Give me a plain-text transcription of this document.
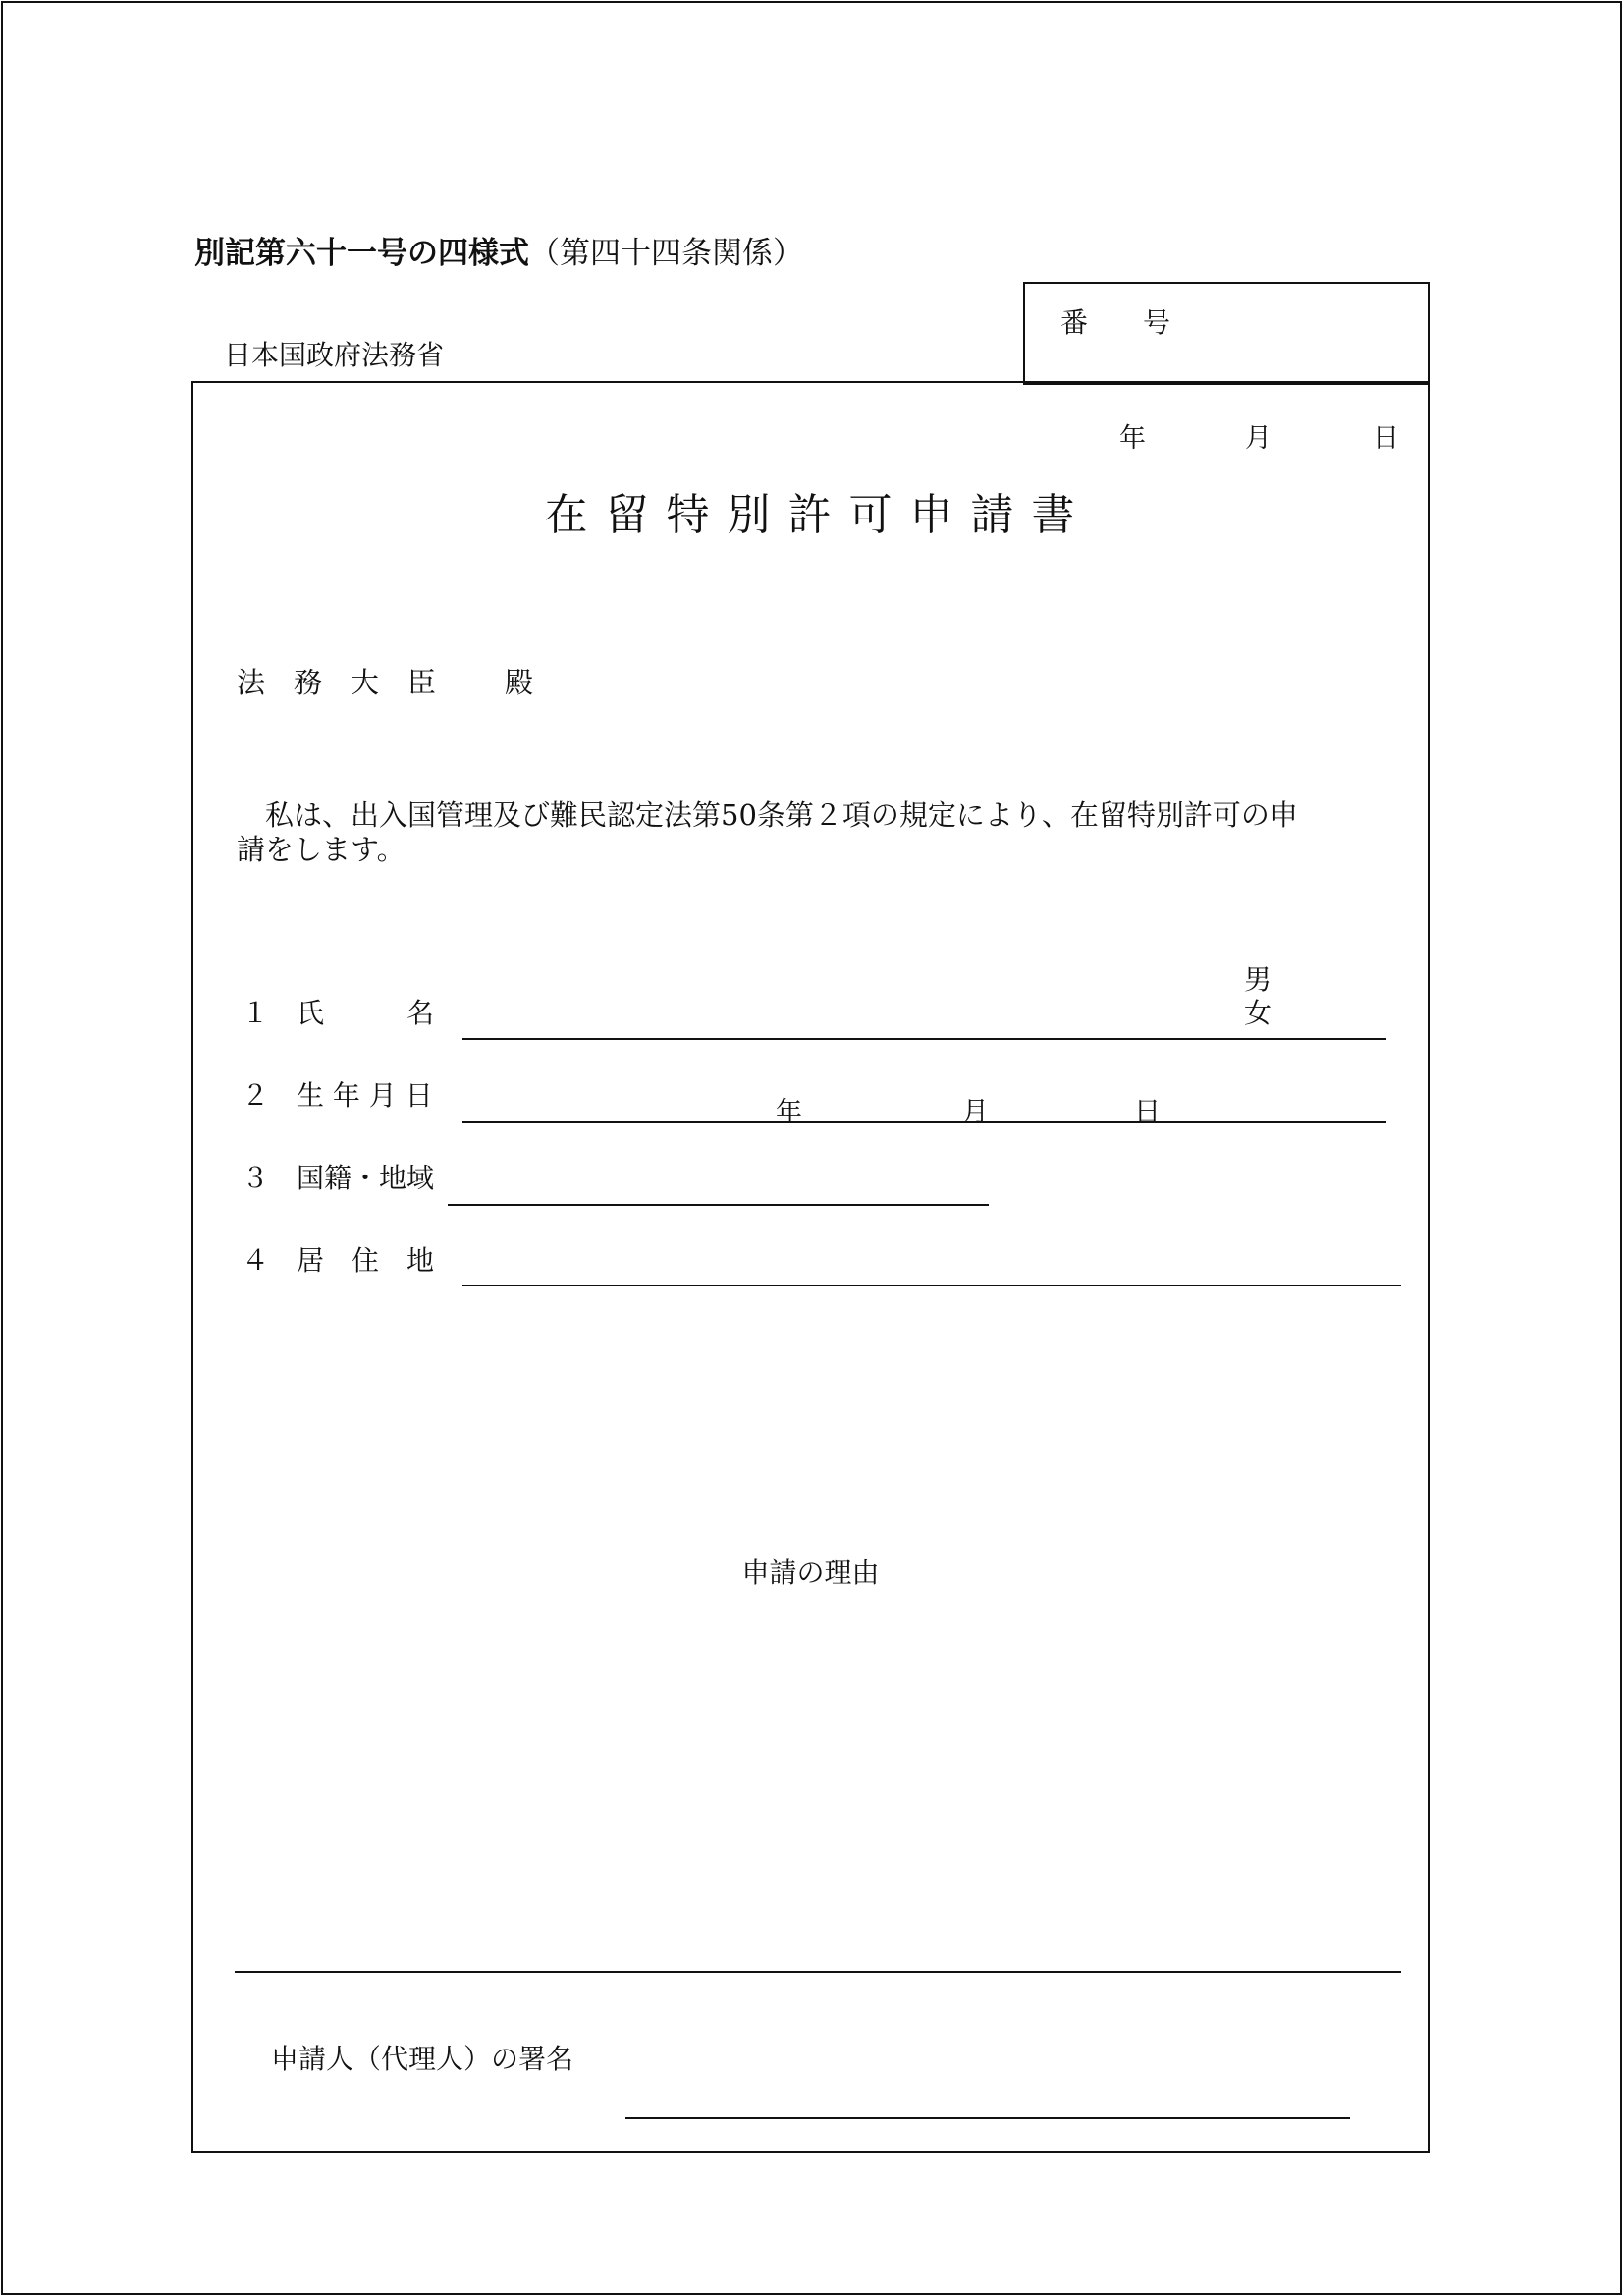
別記第六十一号の四様式（第四十四条関係）
日本国政府法務省
番　　号
年	月	日
在 留 特 別 許 可 申 請 書
法　務　大　臣 殿
　私は、出入国管理及び難民認定法第50条第２項の規定により、在留特別許可の申
請をします。
１　氏　　　名
男
女
２　生 年 月 日
年	月	日
３　国籍・地域
４　居　住　地
申請の理由
申請人（代理人）の署名
